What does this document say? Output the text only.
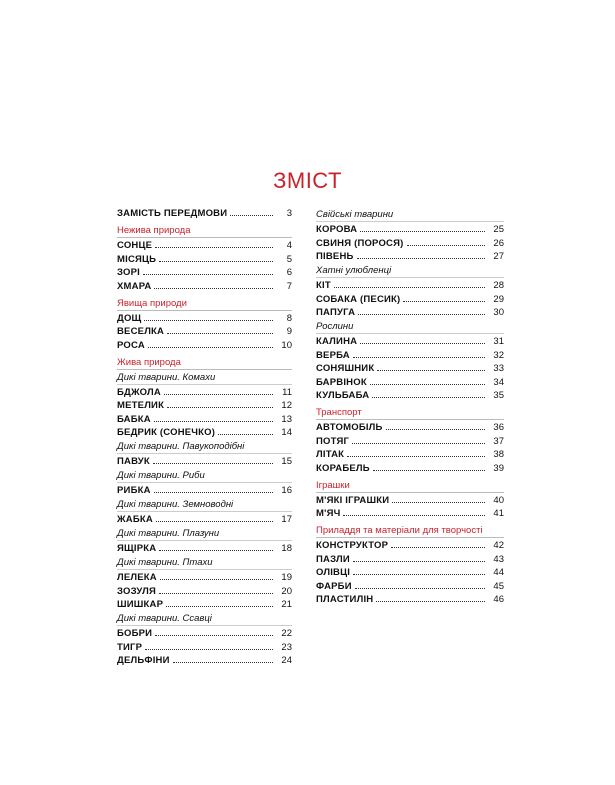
ЗМІСТ
ЗАМІСТЬ ПЕРЕДМОВИ	3
Нежива природа
СОНЦЕ	4
МІСЯЦЬ	5
ЗОРІ	6
ХМАРА	7
Явища природи
ДОЩ	8
ВЕСЕЛКА	9
РОСА	10
Жива природа
Дикі тварини. Комахи
БДЖОЛА	11
МЕТЕЛИК	12
БАБКА	13
БЕДРИК (СОНЕЧКО)	14
Дикі тварини. Павукоподібні
ПАВУК	15
Дикі тварини. Риби
РИБКА	16
Дикі тварини. Земноводні
ЖАБКА	17
Дикі тварини. Плазуни
ЯЩІРКА	18
Дикі тварини. Птахи
ЛЕЛЕКА	19
ЗОЗУЛЯ	20
ШИШКАР	21
Дикі тварини. Ссавці
БОБРИ	22
ТИГР	23
ДЕЛЬФІНИ	24
Свійські тварини
КОРОВА	25
СВИНЯ (ПОРОСЯ)	26
ПІВЕНЬ	27
Хатні улюбленці
КІТ	28
СОБАКА (ПЕСИК)	29
ПАПУГА	30
Рослини
КАЛИНА	31
ВЕРБА	32
СОНЯШНИК	33
БАРВІНОК	34
КУЛЬБАБА	35
Транспорт
АВТОМОБІЛЬ	36
ПОТЯГ	37
ЛІТАК	38
КОРАБЕЛЬ	39
Іграшки
М'ЯКІ ІГРАШКИ	40
М'ЯЧ	41
Приладдя та матеріали для творчості
КОНСТРУКТОР	42
ПАЗЛИ	43
ОЛІВЦІ	44
ФАРБИ	45
ПЛАСТИЛІН	46
